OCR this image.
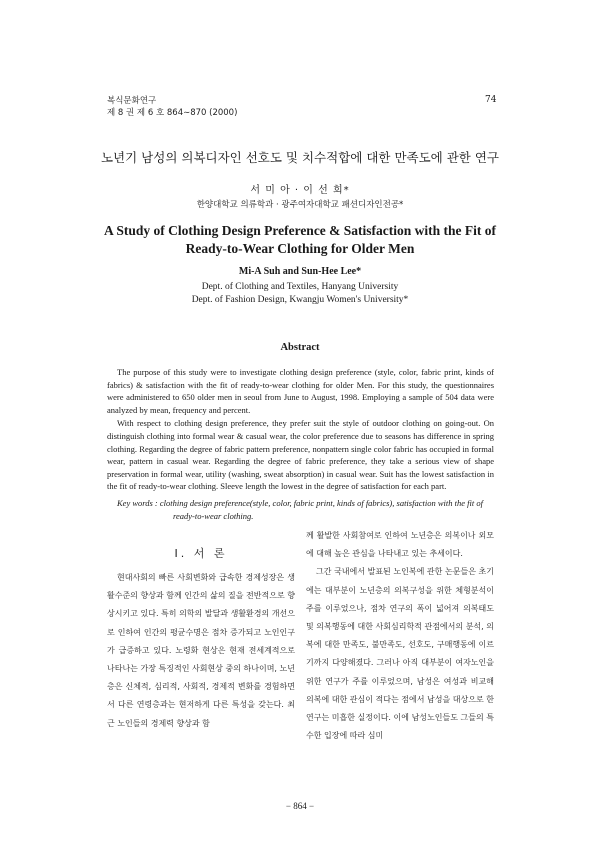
복식문화연구
제 8 권 제 6 호 864∼870 (2000)
74
노년기 남성의 의복디자인 선호도 및 치수적합에 대한 만족도에 관한 연구
서 미 아 · 이 선 희*
한양대학교 의류학과 · 광주여자대학교 패션디자인전공*
A Study of Clothing Design Preference & Satisfaction with the Fit of
Ready-to-Wear Clothing for Older Men
Mi-A Suh and Sun-Hee Lee*
Dept. of Clothing and Textiles, Hanyang University
Dept. of Fashion Design, Kwangju Women's University*
Abstract

The purpose of this study were to investigate clothing design preference (style, color, fabric print, kinds of fabrics) & satisfaction with the fit of ready-to-wear clothing for older Men. For this study, the questionnaires were administered to 650 older men in seoul from June to August, 1998. Employing a sample of 504 data were analyzed by mean, frequency and percent.

With respect to clothing design preference, they prefer suit the style of outdoor clothing on going-out. On distinguish clothing into formal wear & casual wear, the color preference due to seasons has difference in spring clothing. Regarding the degree of fabric pattern preference, nonpattern single color fabric has occupied in formal wear, pattern in casual wear. Regarding the degree of fabric preference, they take a serious view of shape preservation in formal wear, utility (washing, sweat absorption) in casual wear. Suit has the lowest satisfaction in the fit of ready-to-wear clothing. Sleeve length the lowest in the degree of satisfaction for each part.

Key words : clothing design preference(style, color, fabric print, kinds of fabrics), satisfaction with the fit of
ready-to-wear clothing.
Ⅰ. 서 론

현대사회의 빠른 사회변화와 급속한 경제성장은 생활수준의 향상과 함께 인간의 삶의 질을 전반적으로 향상시키고 있다. 특히 의학의 발달과 생활환경의 개선으로 인하여 인간의 평균수명은 점차 증가되고 노인인구가 급증하고 있다. 노령화 현상은 현재 전세계적으로 나타나는 가장 특징적인 사회현상 중의 하나이며, 노년층은 신체적, 심리적, 사회적, 경제적 변화를 경험하면서 다른 연령층과는 현저하게 다른 특성을 갖는다. 최근 노인들의 경제력 향상과 함

께 활발한 사회참여로 인하여 노년층은 의복이나 외모에 대해 높은 관심을 나타내고 있는 추세이다.

그간 국내에서 발표된 노인복에 관한 논문들은 초기에는 대부분이 노년층의 의복구성을 위한 체형분석이 주를 이루었으나, 점차 연구의 폭이 넓어져 의복태도 및 의복행동에 대한 사회심리학적 관점에서의 분석, 의복에 대한 만족도, 불만족도, 선호도, 구매행동에 이르기까지 다양해졌다. 그러나 아직 대부분이 여자노인을 위한 연구가 주를 이루었으며, 남성은 여성과 비교해 의복에 대한 관심이 적다는 점에서 남성을 대상으로 한 연구는 미흡한 실정이다. 이에 남성노인들도 그들의 특수한 입장에 따라 심미

− 864 −
